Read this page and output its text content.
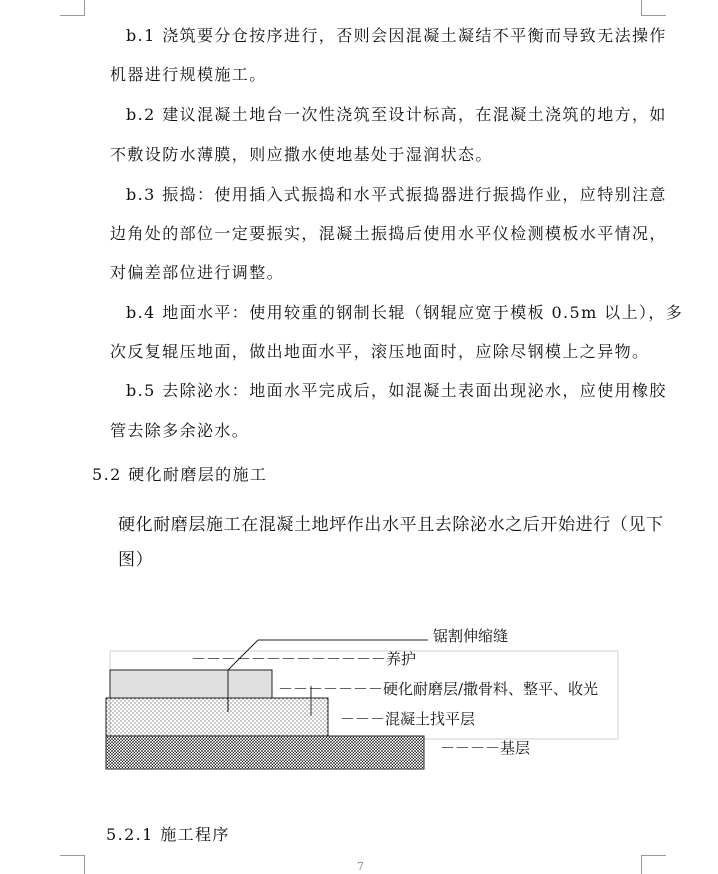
b.1 浇筑要分仓按序进行，否则会因混凝土凝结不平衡而导致无法操作

机器进行规模施工。

b.2 建议混凝土地台一次性浇筑至设计标高，在混凝土浇筑的地方，如

不敷设防水薄膜，则应撒水使地基处于湿润状态。

b.3 振捣：使用插入式振捣和水平式振捣器进行振捣作业，应特别注意

边角处的部位一定要振实，混凝土振捣后使用水平仪检测模板水平情况，

对偏差部位进行调整。

b.4 地面水平：使用较重的钢制长辊（钢辊应宽于模板 0.5m 以上），多

次反复辊压地面，做出地面水平，滚压地面时，应除尽钢模上之异物。

b.5 去除泌水：地面水平完成后，如混凝土表面出现泌水，应使用橡胶

管去除多余泌水。

5.2 硬化耐磨层的施工

硬化耐磨层施工在混凝土地坪作出水平且去除泌水之后开始进行（见下

图）

锯割伸缩缝
－－－－－－－－－－－－－养护
－－－－－－－硬化耐磨层/撒骨料、整平、收光
－－－混凝土找平层
－－－－基层

5.2.1 施工程序

7
